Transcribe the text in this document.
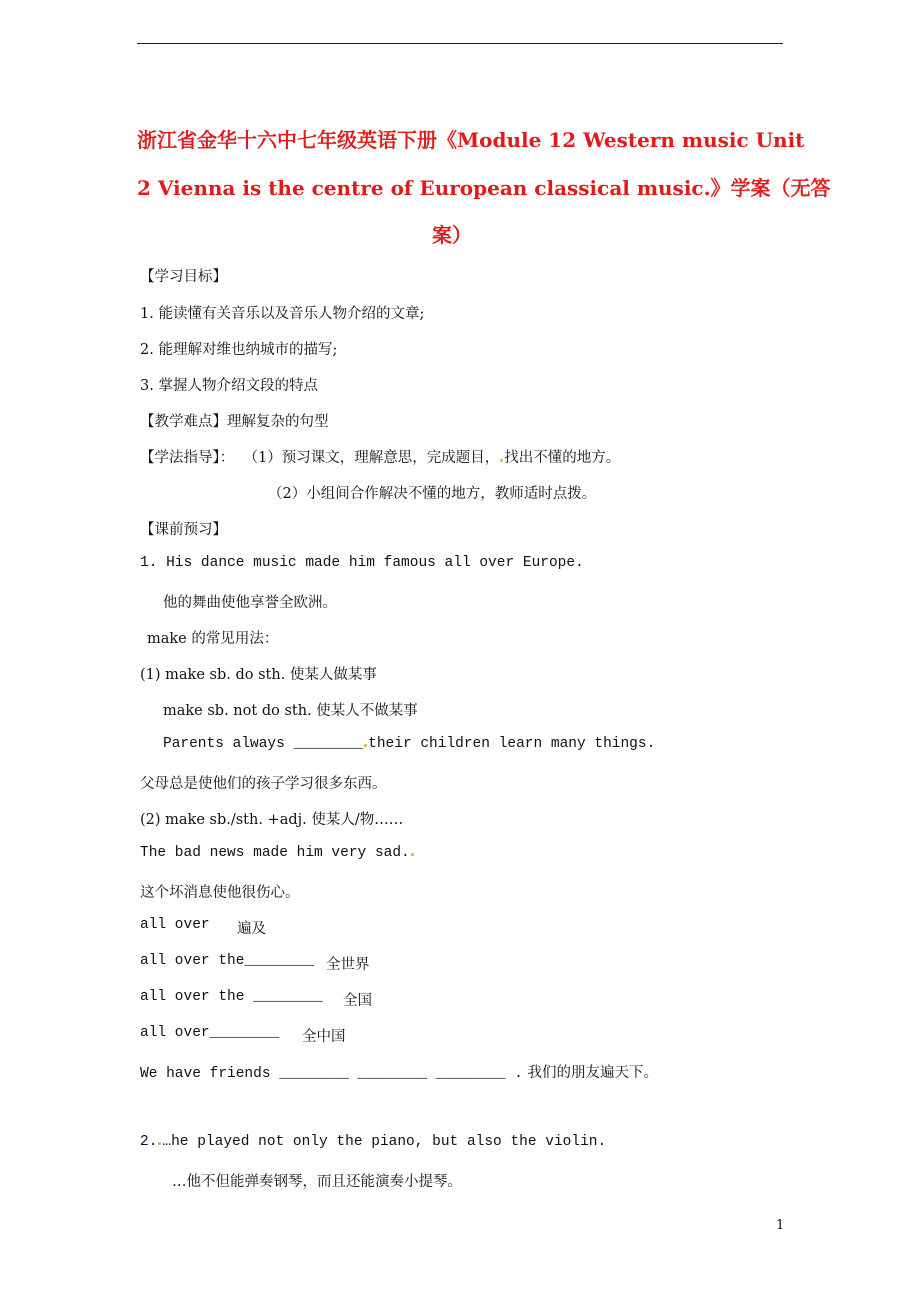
浙江省金华十六中七年级英语下册《Module 12 Western music Unit
2 Vienna is the centre of European classical music.》学案（无答
案）
【学习目标】
1. 能读懂有关音乐以及音乐人物介绍的文章;
2. 能理解对维也纳城市的描写;
3. 掌握人物介绍文段的特点
【教学难点】理解复杂的句型
【学法指导】： （1）预习课文，理解意思，完成题目， 找出不懂的地方。
（2）小组间合作解决不懂的地方，教师适时点拨。
【课前预习】
1. His dance music made him famous all over Europe.
他的舞曲使他享誉全欧洲。
make 的常见用法：
(1) make sb. do sth. 使某人做某事
make sb. not do sth. 使某人不做某事
Parents always ________ their children learn many things.
父母总是使他们的孩子学习很多东西。
(2) make sb./sth. +adj. 使某人/物……
The bad news made him very sad.
这个坏消息使他很伤心。
all over 遍及
all over the________ 全世界
all over the ________ 全国
all over________ 全中国
We have friends ________ ________ ________ . 我们的朋友遍天下。
2. …he played not only the piano, but also the violin.
…他不但能弹奏钢琴，而且还能演奏小提琴。
1
